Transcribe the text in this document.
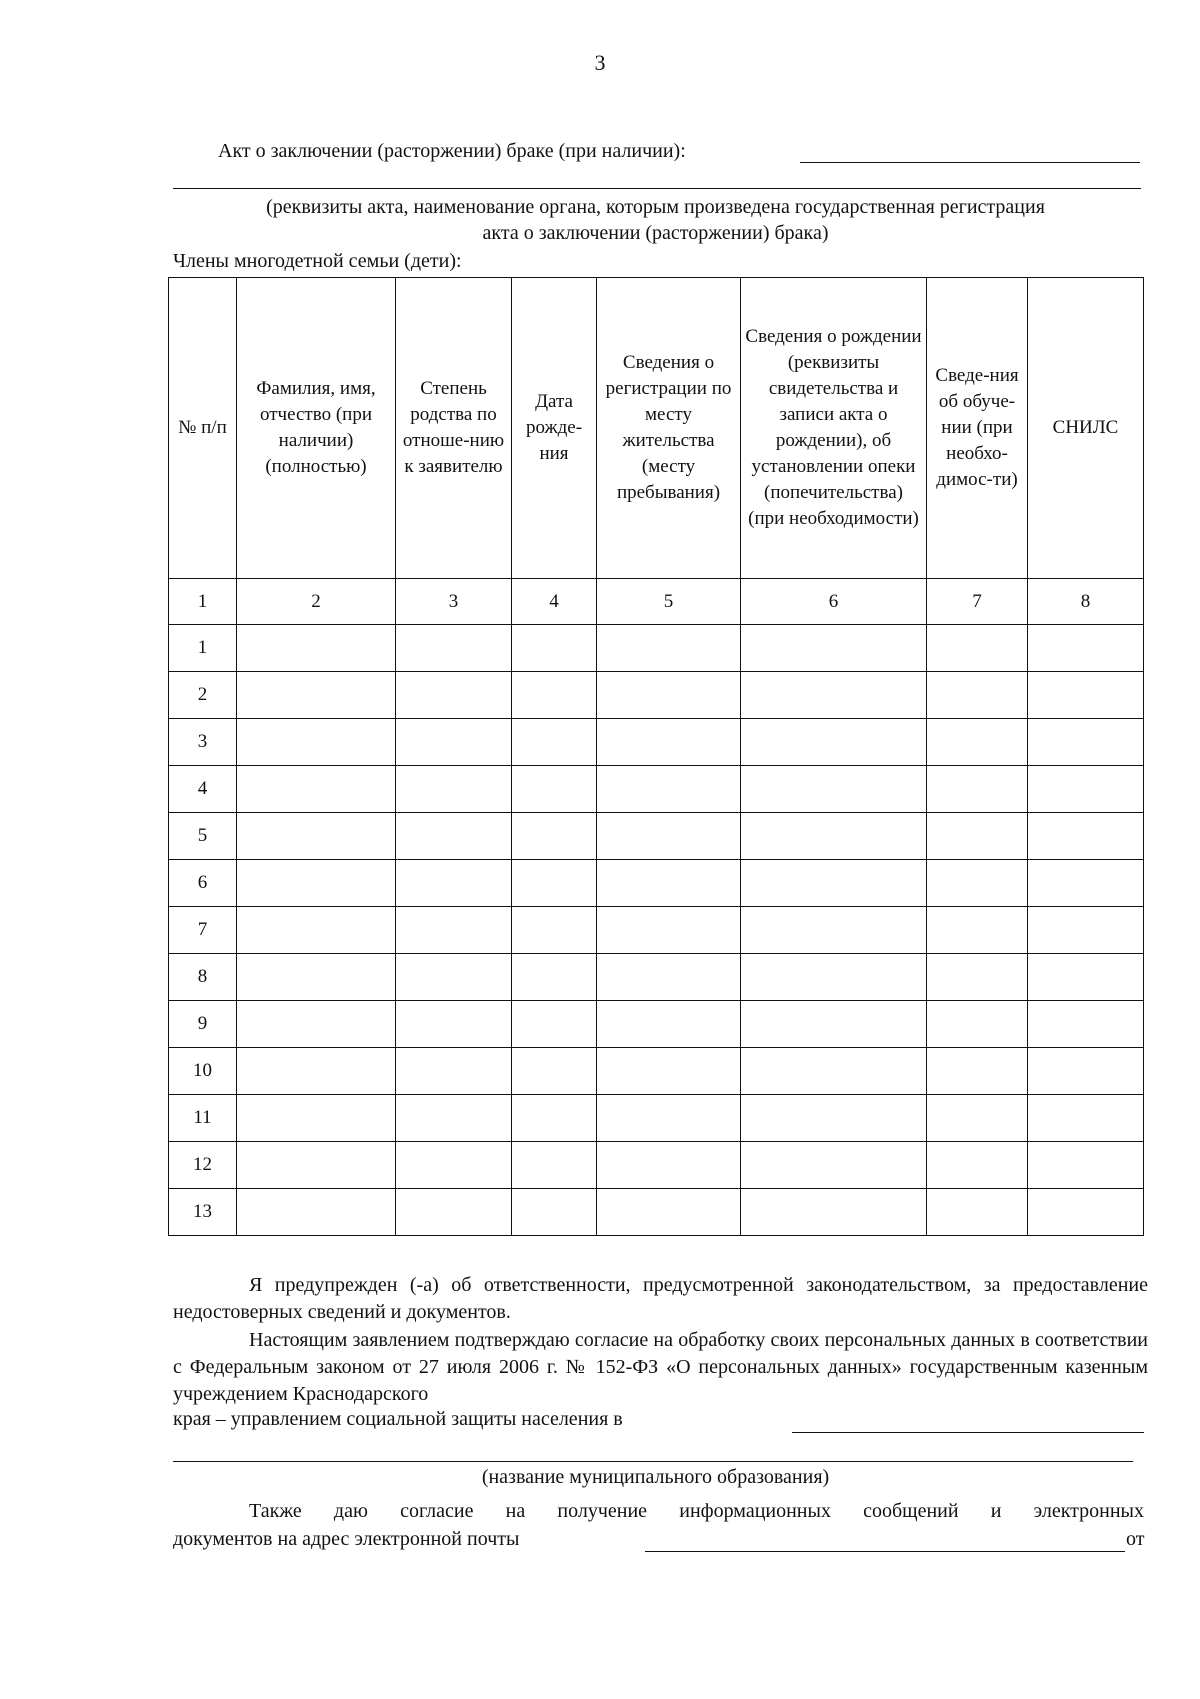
3
Акт о заключении (расторжении) браке (при наличии):
(реквизиты акта, наименование органа, которым произведена государственная регистрация
акта о заключении (расторжении) брака)
Члены многодетной семьи (дети):
№ п/п	Фамилия, имя, отчество (при наличии) (полностью)	Степень родства по отноше-нию к заявителю	Дата рожде-ния	Сведения о регистрации по месту жительства (месту пребывания)	Сведения о рождении (реквизиты свидетельства и записи акта о рождении), об установлении опеки (попечительства) (при необходимости)	Сведе-ния об обуче-нии (при необхо-димос-ти)	СНИЛС
1	2	3	4	5	6	7	8
1							
2							
3							
4							
5							
6							
7							
8							
9							
10							
11							
12							
13							
Я предупрежден (-а) об ответственности, предусмотренной законодательством, за предоставление недостоверных сведений и документов.
Настоящим заявлением подтверждаю согласие на обработку своих персональных данных в соответствии с Федеральным законом от 27 июля 2006 г. № 152-ФЗ «О персональных данных» государственным казенным учреждением Краснодарского
края – управлением социальной защиты населения в
(название муниципального образования)
Также даю согласие на получение информационных сообщений и электронных
документов на адрес электронной почты	от
